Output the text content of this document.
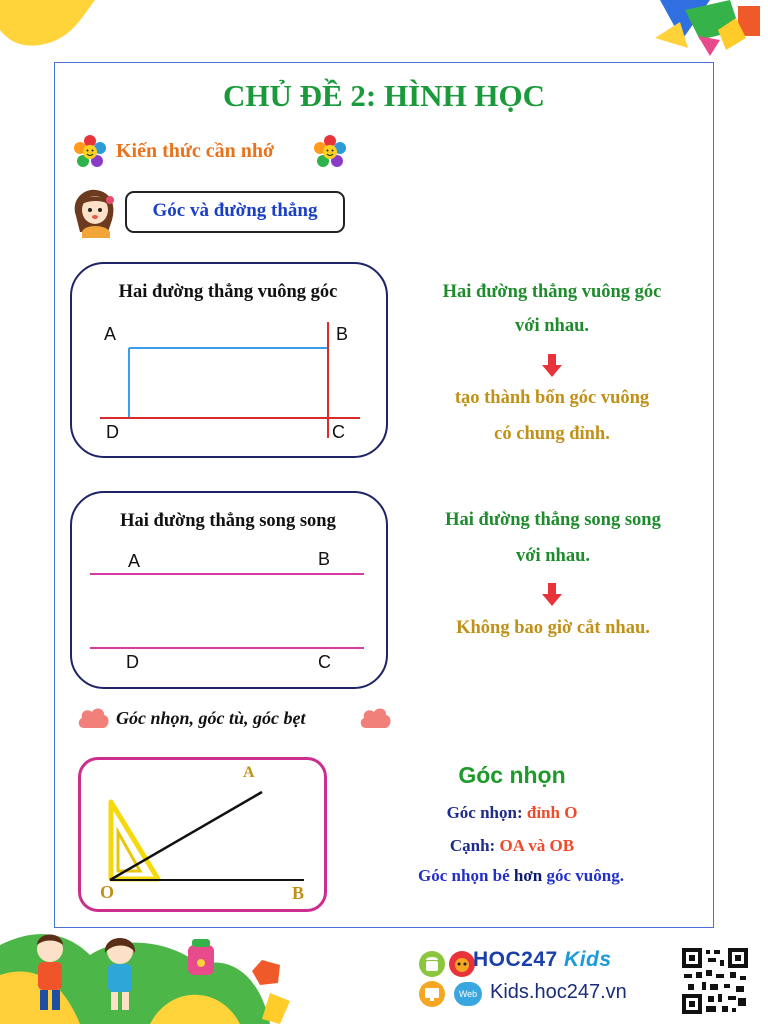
CHỦ ĐỀ 2: HÌNH HỌC
Kiến thức cần nhớ
Góc và đường thẳng
Hai đường thẳng vuông góc
A	B
D	C
Hai đường thẳng vuông góc
với nhau.
tạo thành bốn góc vuông
có chung đỉnh.
Hai đường thẳng song song
A	B
D	C
Hai đường thẳng song song
với nhau.
Không bao giờ cắt nhau.
Góc nhọn, góc tù, góc bẹt
O
A
B
Góc nhọn
Góc nhọn: đỉnh O
Cạnh: OA và OB
Góc nhọn bé hơn góc vuông.
HOC247 Kids
Web Kids.hoc247.vn
